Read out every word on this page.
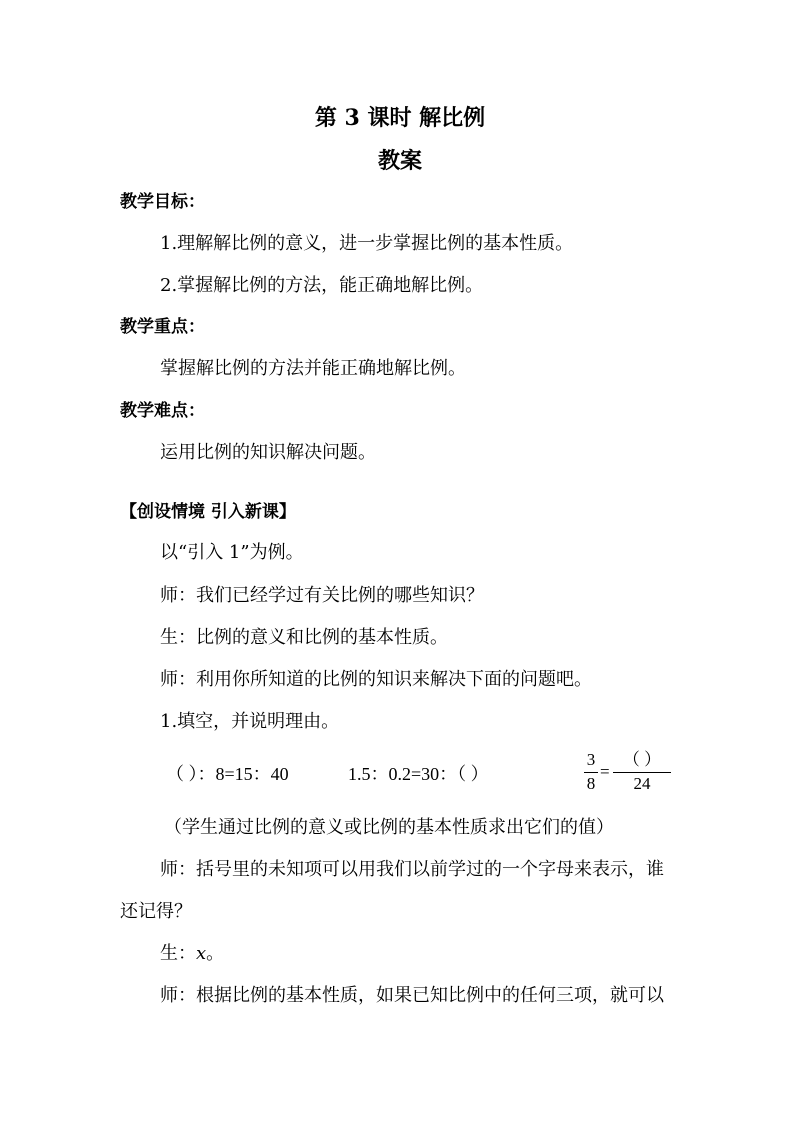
第 3 课时 解比例
教案
教学目标：
1.理解解比例的意义，进一步掌握比例的基本性质。
2.掌握解比例的方法，能正确地解比例。
教学重点：
掌握解比例的方法并能正确地解比例。
教学难点：
运用比例的知识解决问题。
【创设情境 引入新课】
以“引入 1”为例。
师：我们已经学过有关比例的哪些知识？
生：比例的意义和比例的基本性质。
师：利用你所知道的比例的知识来解决下面的问题吧。
1.填空，并说明理由。
（ ）：8=15：40	1.5：0.2=30：（ ）
3
8
=
（ ）
24
（学生通过比例的意义或比例的基本性质求出它们的值）
师：括号里的未知项可以用我们以前学过的一个字母来表示，谁
还记得？
生：x。
师：根据比例的基本性质，如果已知比例中的任何三项，就可以
